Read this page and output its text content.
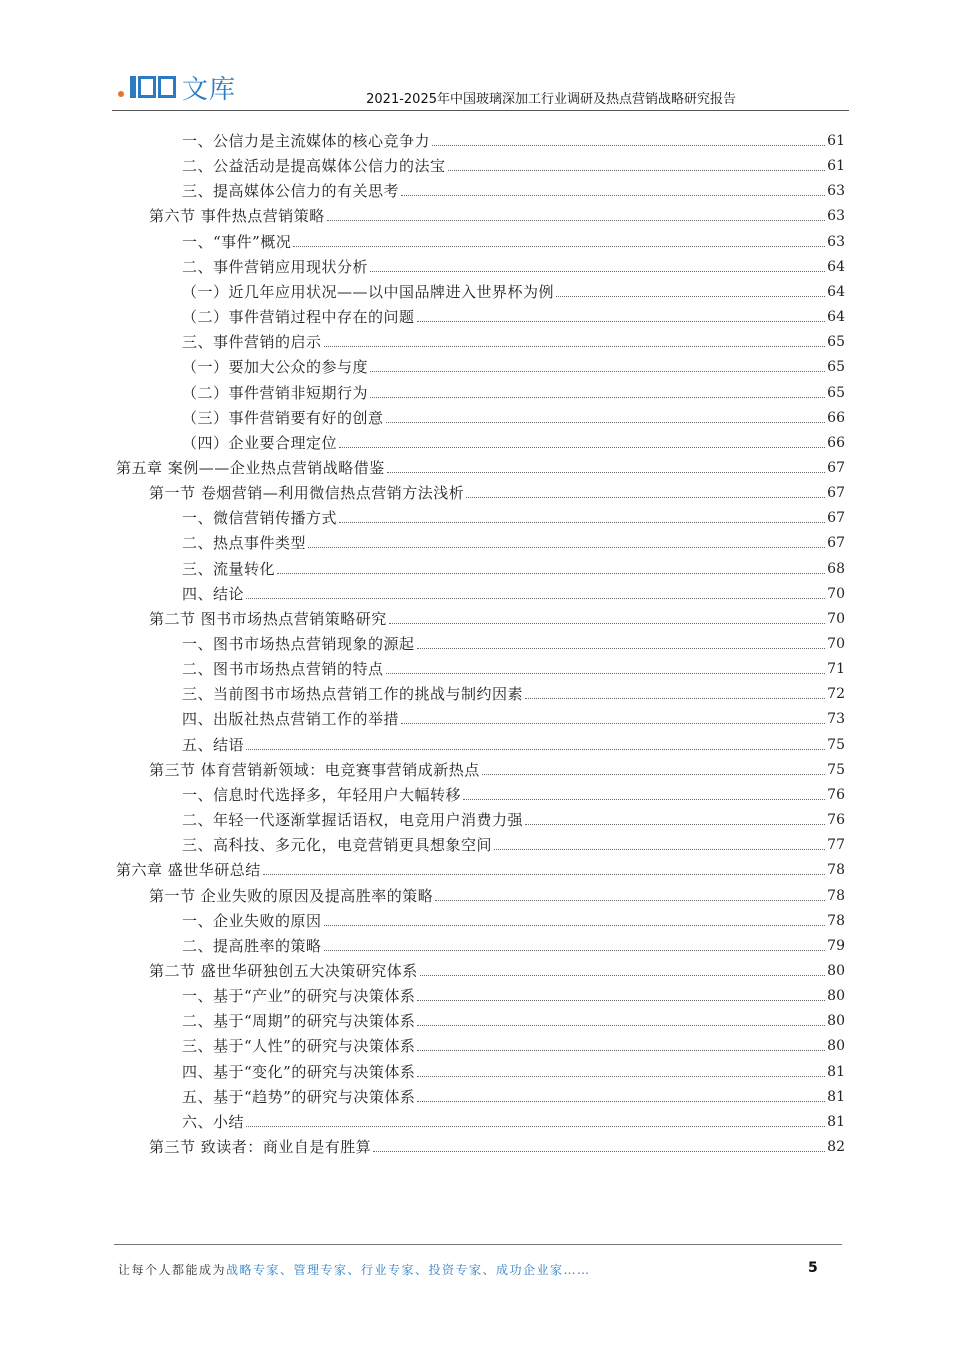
文库	2021-2025年中国玻璃深加工行业调研及热点营销战略研究报告
一、公信力是主流媒体的核心竞争力	61
二、公益活动是提高媒体公信力的法宝	61
三、提高媒体公信力的有关思考	63
第六节 事件热点营销策略	63
一、“事件”概况	63
二、事件营销应用现状分析	64
（一）近几年应用状况——以中国品牌进入世界杯为例	64
（二）事件营销过程中存在的问题	64
三、事件营销的启示	65
（一）要加大公众的参与度	65
（二）事件营销非短期行为	65
（三）事件营销要有好的创意	66
（四）企业要合理定位	66
第五章 案例——企业热点营销战略借鉴	67
第一节 卷烟营销—利用微信热点营销方法浅析	67
一、微信营销传播方式	67
二、热点事件类型	67
三、流量转化	68
四、结论	70
第二节 图书市场热点营销策略研究	70
一、图书市场热点营销现象的源起	70
二、图书市场热点营销的特点	71
三、当前图书市场热点营销工作的挑战与制约因素	72
四、出版社热点营销工作的举措	73
五、结语	75
第三节 体育营销新领域：电竞赛事营销成新热点	75
一、信息时代选择多，年轻用户大幅转移	76
二、年轻一代逐渐掌握话语权，电竞用户消费力强	76
三、高科技、多元化，电竞营销更具想象空间	77
第六章 盛世华研总结	78
第一节 企业失败的原因及提高胜率的策略	78
一、企业失败的原因	78
二、提高胜率的策略	79
第二节 盛世华研独创五大决策研究体系	80
一、基于“产业”的研究与决策体系	80
二、基于“周期”的研究与决策体系	80
三、基于“人性”的研究与决策体系	80
四、基于“变化”的研究与决策体系	81
五、基于“趋势”的研究与决策体系	81
六、小结	81
第三节 致读者：商业自是有胜算	82
让每个人都能成为战略专家、管理专家、行业专家、投资专家、成功企业家……	5
